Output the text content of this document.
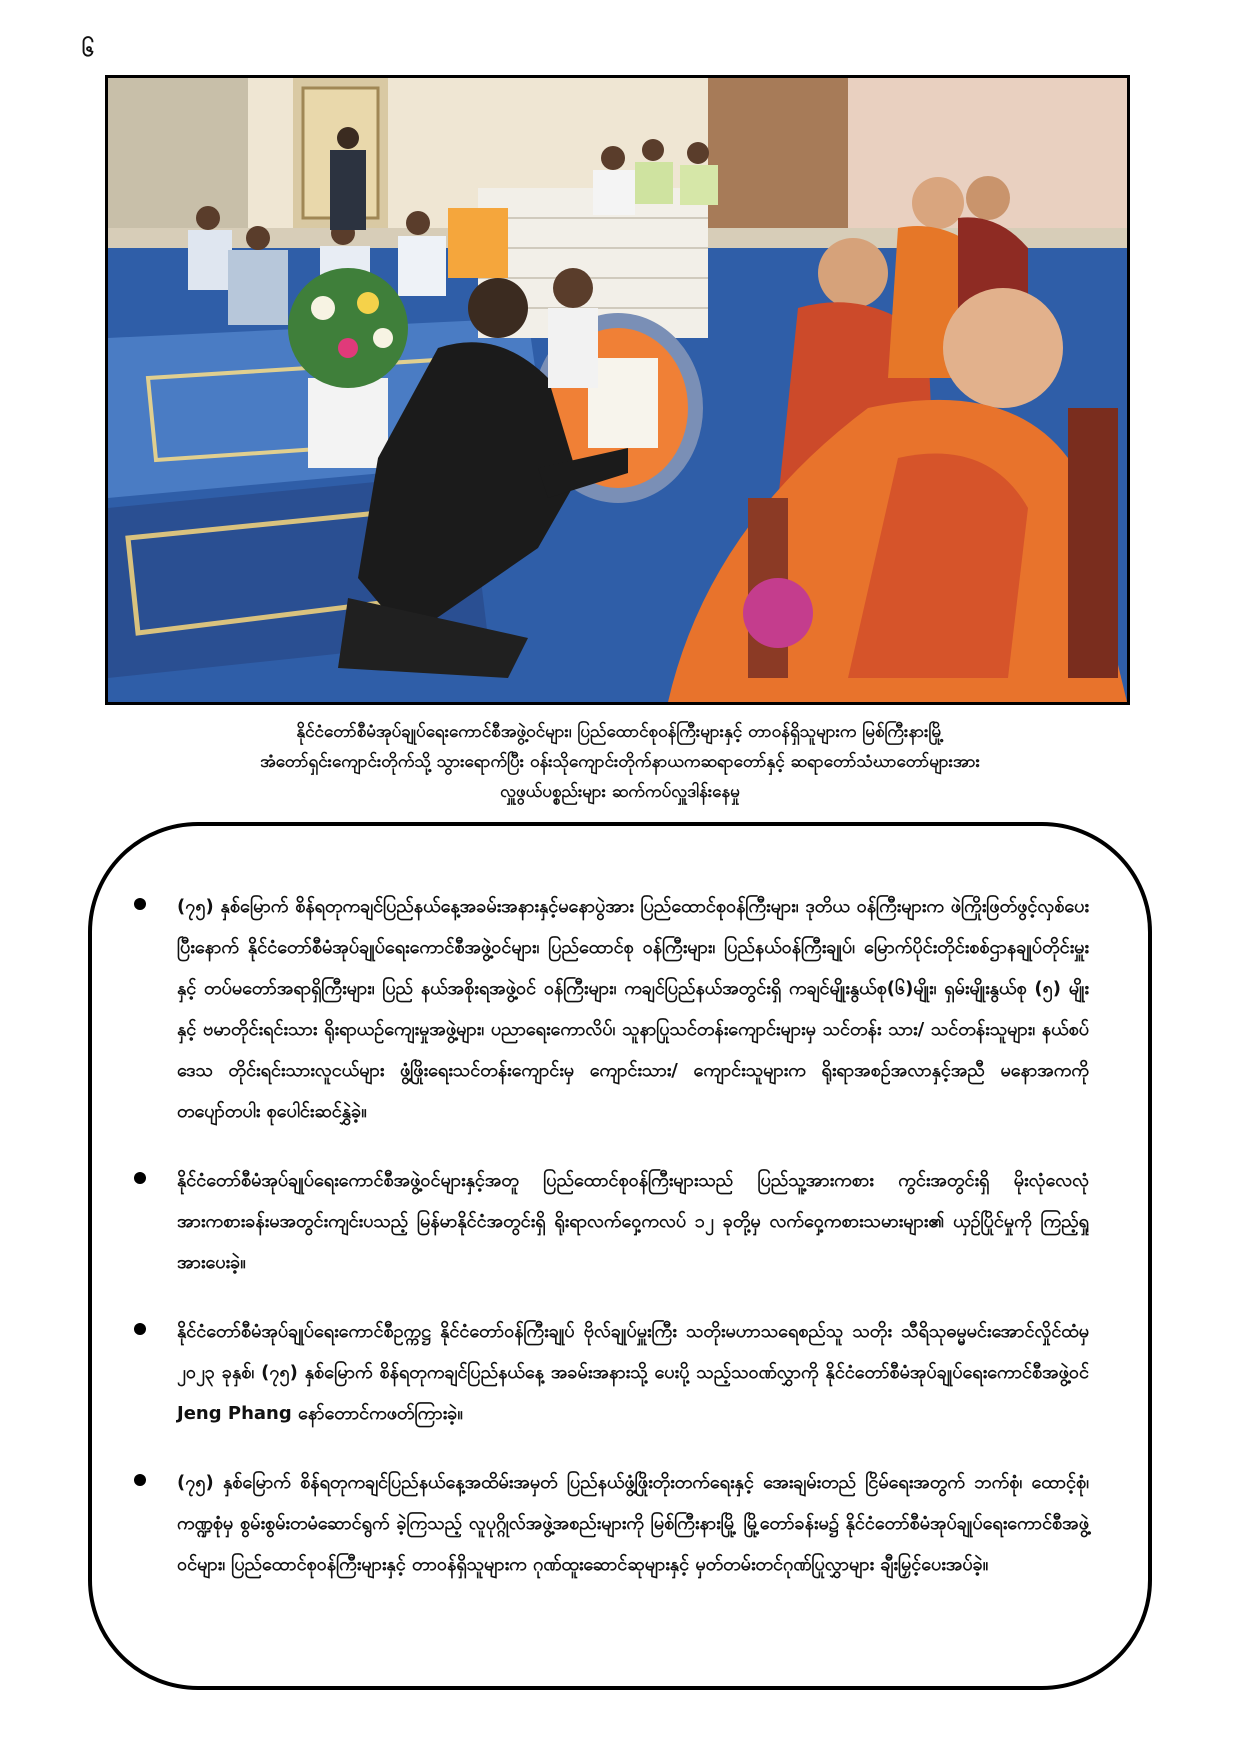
၆
နိုင်ငံတော်စီမံအုပ်ချုပ်ရေးကောင်စီအဖွဲ့ဝင်များ၊ ပြည်ထောင်စုဝန်ကြီးများနှင့် တာဝန်ရှိသူများက မြစ်ကြီးနားမြို့
အံတော်ရှင်းကျောင်းတိုက်သို့ သွားရောက်ပြီး ဝန်းသိုကျောင်းတိုက်နာယကဆရာတော်နှင့် ဆရာတော်သံဃာတော်များအား
လှူဖွယ်ပစ္စည်းများ ဆက်ကပ်လှူဒါန်းနေမှု
(၇၅) နှစ်မြောက် စိန်ရတုကချင်ပြည်နယ်နေ့အခမ်းအနားနှင့်မနောပွဲအား ပြည်ထောင်စုဝန်ကြီးများ၊ ဒုတိယ ဝန်ကြီးများက ဖဲကြိုးဖြတ်ဖွင့်လှစ်ပေးပြီးနောက် နိုင်ငံတော်စီမံအုပ်ချုပ်ရေးကောင်စီအဖွဲ့ဝင်များ၊ ပြည်ထောင်စု ဝန်ကြီးများ၊ ပြည်နယ်ဝန်ကြီးချုပ်၊ မြောက်ပိုင်းတိုင်းစစ်ဌာနချုပ်တိုင်းမှူးနှင့် တပ်မတော်အရာရှိကြီးများ၊ ပြည် နယ်အစိုးရအဖွဲ့ဝင် ဝန်ကြီးများ၊ ကချင်ပြည်နယ်အတွင်းရှိ ကချင်မျိုးနွယ်စု(၆)မျိုး၊ ရှမ်းမျိုးနွယ်စု (၅) မျိုးနှင့် ဗမာတိုင်းရင်းသား ရိုးရာယဉ်ကျေးမှုအဖွဲ့များ၊ ပညာရေးကောလိပ်၊ သူနာပြုသင်တန်းကျောင်းများမှ သင်တန်း သား/ သင်တန်းသူများ၊ နယ်စပ်ဒေသ တိုင်းရင်းသားလူငယ်များ ဖွံ့ဖြိုးရေးသင်တန်းကျောင်းမှ ကျောင်းသား/ ကျောင်းသူများက ရိုးရာအစဉ်အလာနှင့်အညီ မနောအကကို တပျော်တပါး စုပေါင်းဆင်နွှဲခဲ့။
နိုင်ငံတော်စီမံအုပ်ချုပ်ရေးကောင်စီအဖွဲ့ဝင်များနှင့်အတူ ပြည်ထောင်စုဝန်ကြီးများသည် ပြည်သူ့အားကစား ကွင်းအတွင်းရှိ မိုးလုံလေလုံ အားကစားခန်းမအတွင်းကျင်းပသည့် မြန်မာနိုင်ငံအတွင်းရှိ ရိုးရာလက်ဝှေ့ကလပ် ၁၂ ခုတို့မှ လက်ဝှေ့ကစားသမားများ၏ ယှဉ်ပြိုင်မှုကို ကြည့်ရှုအားပေးခဲ့။
နိုင်ငံတော်စီမံအုပ်ချုပ်ရေးကောင်စီဥက္ကဋ္ဌ နိုင်ငံတော်ဝန်ကြီးချုပ် ဗိုလ်ချုပ်မှူးကြီး သတိုးမဟာသရေစည်သူ သတိုး သီရိသုဓမ္မမင်းအောင်လှိုင်ထံမှ ၂၀၂၃ ခုနှစ်၊ (၇၅) နှစ်မြောက် စိန်ရတုကချင်ပြည်နယ်နေ့ အခမ်းအနားသို့ ပေးပို့ သည့်သဝဏ်လွှာကို နိုင်ငံတော်စီမံအုပ်ချုပ်ရေးကောင်စီအဖွဲ့ဝင် Jeng Phang နော်တောင်ကဖတ်ကြားခဲ့။
(၇၅) နှစ်မြောက် စိန်ရတုကချင်ပြည်နယ်နေ့အထိမ်းအမှတ် ပြည်နယ်ဖွံ့ဖြိုးတိုးတက်ရေးနှင့် အေးချမ်းတည် ငြိမ်ရေးအတွက် ဘက်စုံ၊ ထောင့်စုံ၊ ကဏ္ဍစုံမှ စွမ်းစွမ်းတမံဆောင်ရွက် ခဲ့ကြသည့် လူပုဂ္ဂိုလ်အဖွဲ့အစည်းများကို မြစ်ကြီးနားမြို့ မြို့တော်ခန်းမ၌ နိုင်ငံတော်စီမံအုပ်ချုပ်ရေးကောင်စီအဖွဲ့ဝင်များ၊ ပြည်ထောင်စုဝန်ကြီးများနှင့် တာဝန်ရှိသူများက ဂုဏ်ထူးဆောင်ဆုများနှင့် မှတ်တမ်းတင်ဂုဏ်ပြုလွှာများ ချီးမြှင့်ပေးအပ်ခဲ့။
